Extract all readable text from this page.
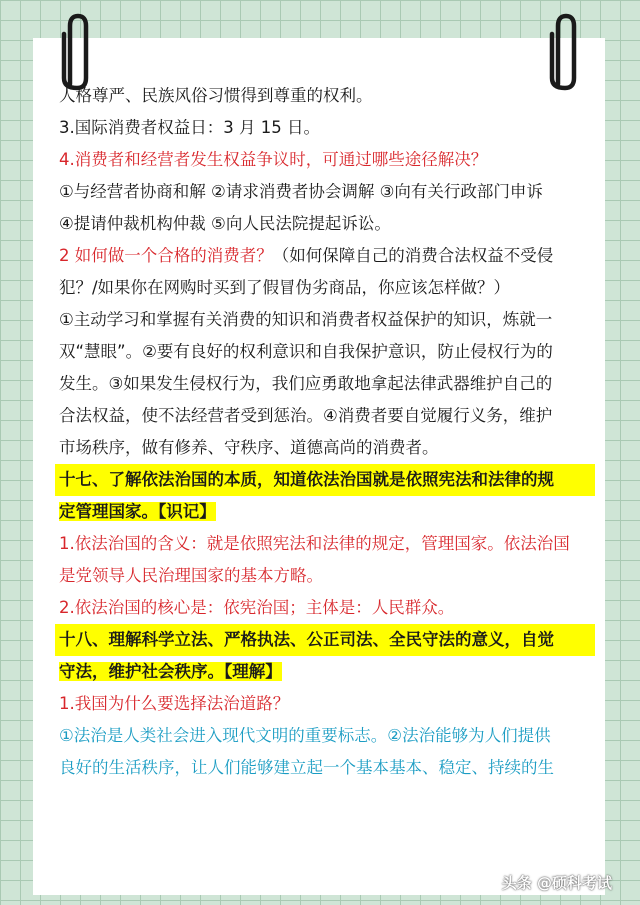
人格尊严、民族风俗习惯得到尊重的权利。
3.国际消费者权益日：3 月 15 日。
4.消费者和经营者发生权益争议时，可通过哪些途径解决？
①与经营者协商和解 ②请求消费者协会调解 ③向有关行政部门申诉
④提请仲裁机构仲裁 ⑤向人民法院提起诉讼。
2 如何做一个合格的消费者？（如何保障自己的消费合法权益不受侵
犯？/如果你在网购时买到了假冒伪劣商品，你应该怎样做？）
①主动学习和掌握有关消费的知识和消费者权益保护的知识，炼就一
双“慧眼”。②要有良好的权利意识和自我保护意识，防止侵权行为的
发生。③如果发生侵权行为，我们应勇敢地拿起法律武器维护自己的
合法权益，使不法经营者受到惩治。④消费者要自觉履行义务，维护
市场秩序，做有修养、守秩序、道德高尚的消费者。
十七、了解依法治国的本质，知道依法治国就是依照宪法和法律的规
定管理国家。【识记】
1.依法治国的含义：就是依照宪法和法律的规定，管理国家。依法治国
是党领导人民治理国家的基本方略。
2.依法治国的核心是：依宪治国；主体是：人民群众。
十八、理解科学立法、严格执法、公正司法、全民守法的意义，自觉
守法，维护社会秩序。【理解】
1.我国为什么要选择法治道路？
①法治是人类社会进入现代文明的重要标志。②法治能够为人们提供
良好的生活秩序，让人们能够建立起一个基本基本、稳定、持续的生
头条 @硕科考试
